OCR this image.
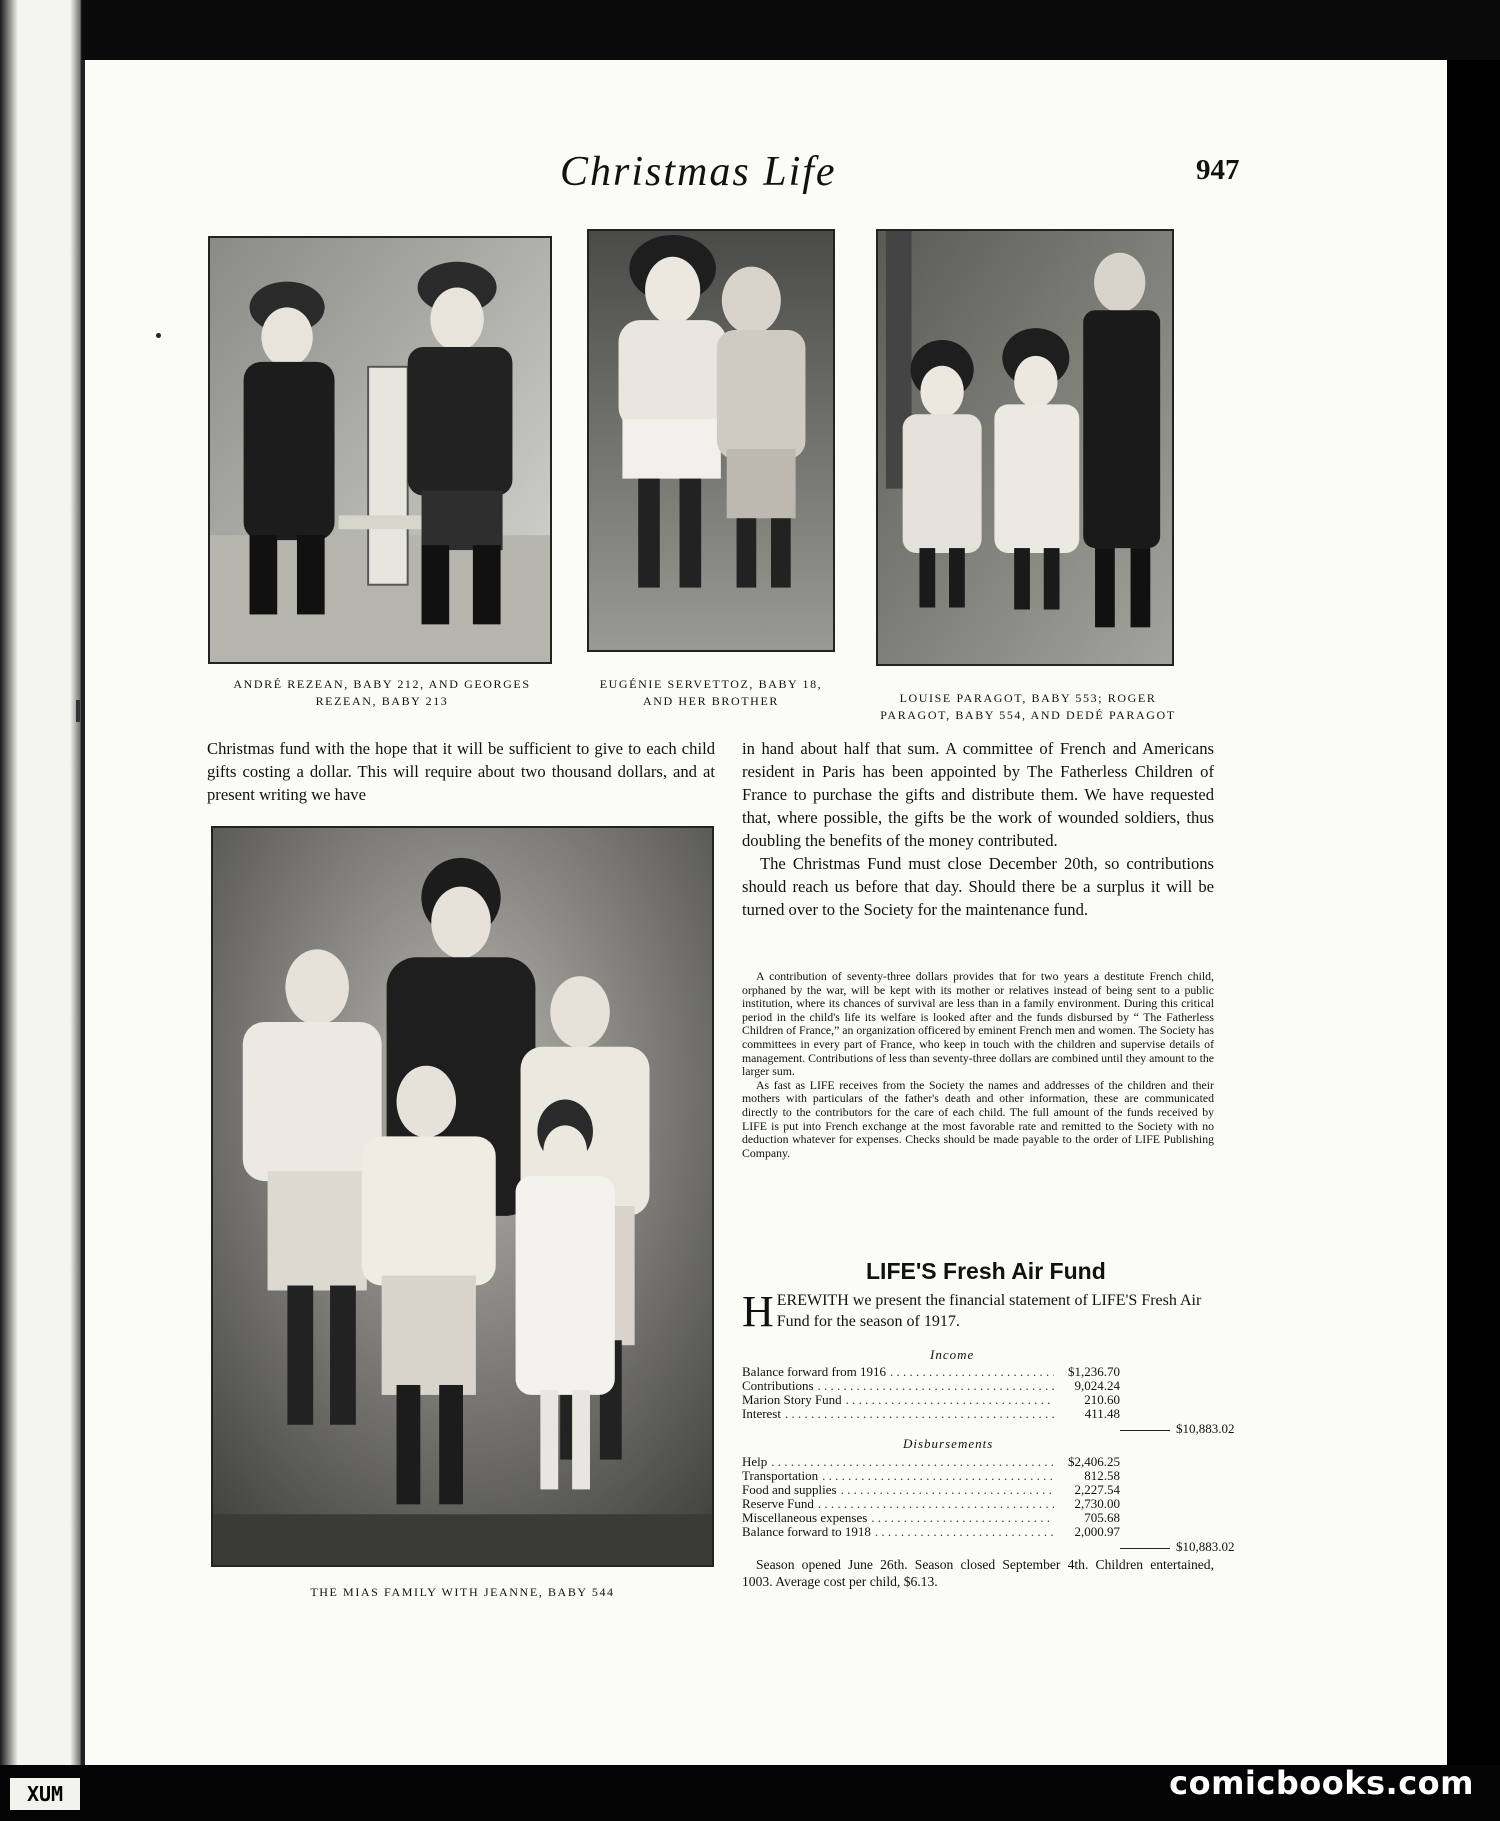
Christmas Life	947
ANDRÉ REZEAN, BABY 212, AND GEORGES REZEAN, BABY 213
EUGÉNIE SERVETTOZ, BABY 18, AND HER BROTHER	LOUISE PARAGOT, BABY 553; ROGER PARAGOT, BABY 554, AND DEDÉ PARAGOT

Christmas fund with the hope that it will be sufficient to give to each child gifts costing a dollar. This will require about two thousand dollars, and at present writing we have

THE MIAS FAMILY WITH JEANNE, BABY 544

in hand about half that sum. A committee of French and Americans resident in Paris has been appointed by The Fatherless Children of France to purchase the gifts and distribute them. We have requested that, where possible, the gifts be the work of wounded soldiers, thus doubling the benefits of the money contributed.

The Christmas Fund must close December 20th, so contributions should reach us before that day. Should there be a surplus it will be turned over to the Society for the maintenance fund.

A contribution of seventy-three dollars provides that for two years a destitute French child, orphaned by the war, will be kept with its mother or relatives instead of being sent to a public institution, where its chances of survival are less than in a family environment. During this critical period in the child's life its welfare is looked after and the funds disbursed by “ The Fatherless Children of France,” an organization officered by eminent French men and women. The Society has committees in every part of France, who keep in touch with the children and supervise details of management. Contributions of less than seventy-three dollars are combined until they amount to the larger sum.

As fast as LIFE receives from the Society the names and addresses of the children and their mothers with particulars of the father's death and other information, these are communicated directly to the contributors for the care of each child. The full amount of the funds received by LIFE is put into French exchange at the most favorable rate and remitted to the Society with no deduction whatever for expenses. Checks should be made payable to the order of LIFE Publishing Company.

LIFE'S Fresh Air Fund
H EREWITH we present the financial statement of LIFE'S Fresh Air Fund for the season of 1917.
Income
Balance forward from 1916 . . .	$1,236.70
Contributions . . .	9,024.24
Marion Story Fund . . .	210.60
Interest . . .	411.48
$10,883.02
Disbursements
Help . . .	$2,406.25
Transportation . . .	812.58
Food and supplies . . .	2,227.54
Reserve Fund . . .	2,730.00
Miscellaneous expenses . . .	705.68
Balance forward to 1918 . . .	2,000.97
$10,883.02
Season opened June 26th. Season closed September 4th. Children entertained, 1003. Average cost per child, $6.13.
XUM	comicbooks.com
